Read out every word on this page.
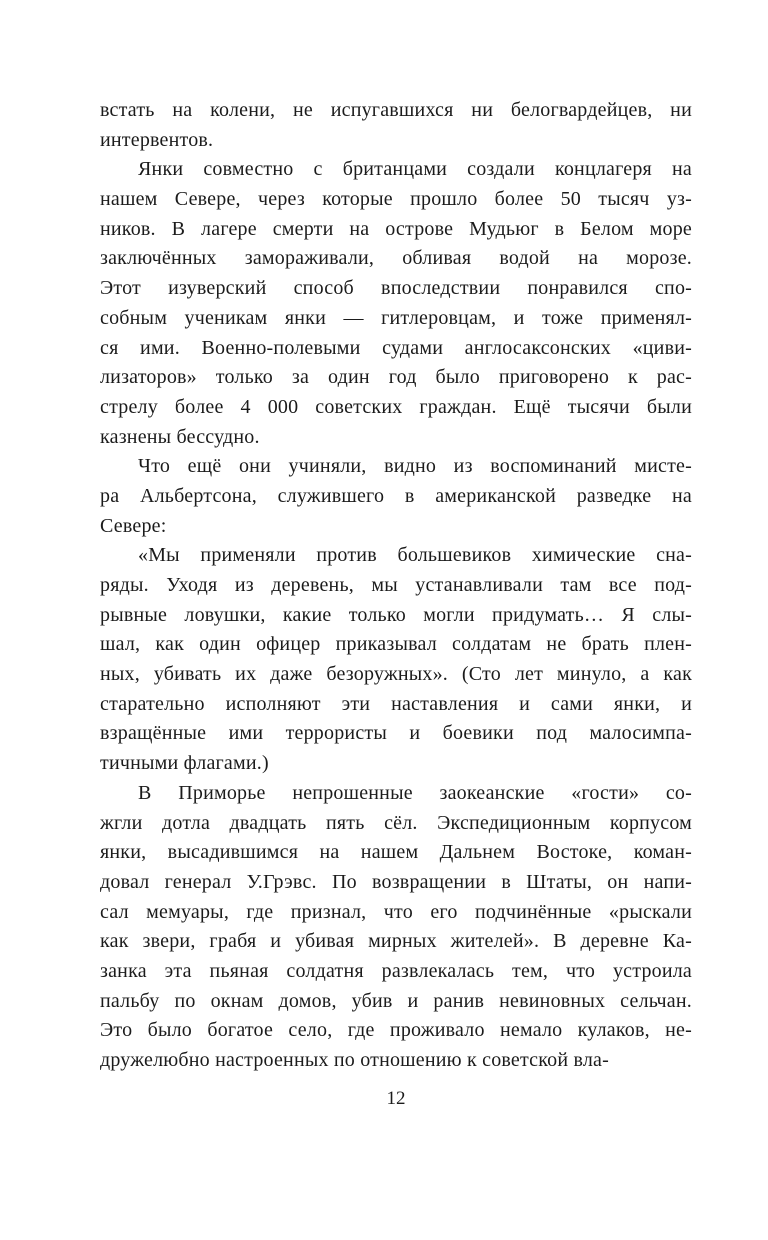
встать на колени, не испугавшихся ни белогвардейцев, ни
интервентов.
Янки совместно с британцами создали концлагеря на
нашем Севере, через которые прошло более 50 тысяч уз-
ников. В лагере смерти на острове Мудьюг в Белом море
заключённых замораживали, обливая водой на морозе.
Этот изуверский способ впоследствии понравился спо-
собным ученикам янки — гитлеровцам, и тоже применял-
ся ими. Военно-полевыми судами англосаксонских «циви-
лизаторов» только за один год было приговорено к рас-
стрелу более 4 000 советских граждан. Ещё тысячи были
казнены бессудно.
Что ещё они учиняли, видно из воспоминаний мисте-
ра Альбертсона, служившего в американской разведке на
Севере:
«Мы применяли против большевиков химические сна-
ряды. Уходя из деревень, мы устанавливали там все под-
рывные ловушки, какие только могли придумать… Я слы-
шал, как один офицер приказывал солдатам не брать плен-
ных, убивать их даже безоружных». (Сто лет минуло, а как
старательно исполняют эти наставления и сами янки, и
взращённые ими террористы и боевики под малосимпа-
тичными флагами.)
В Приморье непрошенные заокеанские «гости» со-
жгли дотла двадцать пять сёл. Экспедиционным корпусом
янки, высадившимся на нашем Дальнем Востоке, коман-
довал генерал У.Грэвс. По возвращении в Штаты, он напи-
сал мемуары, где признал, что его подчинённые «рыскали
как звери, грабя и убивая мирных жителей». В деревне Ка-
занка эта пьяная солдатня развлекалась тем, что устроила
пальбу по окнам домов, убив и ранив невиновных сельчан.
Это было богатое село, где проживало немало кулаков, не-
дружелюбно настроенных по отношению к советской вла-
12
